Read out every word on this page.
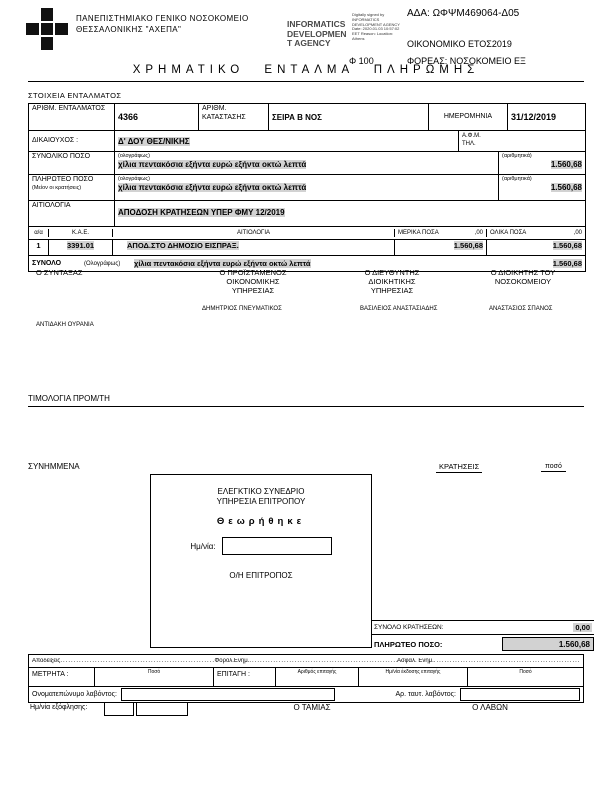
ΠΑΝΕΠΙΣΤΗΜΙΑΚΟ ΓΕΝΙΚΟ ΝΟΣΟΚΟΜΕΙΟ
ΘΕΣΣΑΛΟΝΙΚΗΣ "ΑΧΕΠΑ"
INFORMATICS DEVELOPMEN T AGENCY
Digitally signed by INFORMATICS DEVELOPMENT AGENCY Date: 2020.01.03 10:57:02 EET Reason: Location: Athens
ΑΔΑ: ΩΦΨΜ469064-Δ05
ΟΙΚΟΝΟΜΙΚΟ ΕΤΟΣ2019
Φ 100	ΦΟΡΕΑΣ: ΝΟΣΟΚΟΜΕΙΟ ΕΞ
ΧΡΗΜΑΤΙΚΟ ΕΝΤΑΛΜΑ ΠΛΗΡΩΜΗΣ
ΣΤΟΙΧΕΙΑ ΕΝΤΑΛΜΑΤΟΣ
ΑΡΙΘΜ. ΕΝΤΑΛΜΑΤΟΣ
4366
ΑΡΙΘΜ. ΚΑΤΑΣΤΑΣΗΣ	ΣΕΙΡΑ Β ΝΟΣ	ΗΜΕΡΟΜΗΝΙΑ	31/12/2019
ΔΙΚΑΙΟΥΧΟΣ :	Δ' ΔΟΥ ΘΕΣ/ΝΙΚΗΣ
Α.Φ.Μ.
ΤΗΛ.
ΣΥΝΟΛΙΚΟ ΠΟΣΟ	(ολογράφως)
χίλια πεντακόσια εξήντα ευρώ εξήντα οκτώ λεπτά
(αριθμητικά)
1.560,68
ΠΛΗΡΩΤΕΟ ΠΟΣΟ
(Μείον οι κρατήσεις)
(ολογράφως)
χίλια πεντακόσια εξήντα ευρώ εξήντα οκτώ λεπτά
(αριθμητικά)
1.560,68
ΑΙΤΙΟΛΟΓΙΑ
ΑΠΟΔΟΣΗ ΚΡΑΤΗΣΕΩΝ ΥΠΕΡ ΦΜΥ 12/2019
α/α	Κ.Α.Ε.	ΑΙΤΙΟΛΟΓΙΑ	ΜΕΡΙΚΑ ΠΟΣΑ	,00 ΟΛΙΚΑ ΠΟΣΑ	,00
1	3391.01	ΑΠΟΔ.ΣΤΟ ΔΗΜΟΣΙΟ ΕΙΣΠΡΑΞ.	1.560,68	1.560,68
ΣΥΝΟΛΟ	(Ολογράφως)	χίλια πεντακόσια εξήντα ευρώ εξήντα οκτώ λεπτά	1.560,68
Ο ΣΥΝΤΑΞΑΣ	Ο ΠΡΟΪΣΤΑΜΕΝΟΣ ΟΙΚΟΝΟΜΙΚΗΣ ΥΠΗΡΕΣΙΑΣ
Ο ΔΙΕΥΘΥΝΤΗΣ ΔΙΟΙΚΗΤΙΚΗΣ ΥΠΗΡΕΣΙΑΣ
Ο ΔΙΟΙΚΗΤΗΣ ΤΟΥ ΝΟΣΟΚΟΜΕΙΟΥ
ΔΗΜΗΤΡΙΟΣ ΠΝΕΥΜΑΤΙΚΟΣ	ΒΑΣΙΛΕΙΟΣ ΑΝΑΣΤΑΣΙΑΔΗΣ	ΑΝΑΣΤΑΣΙΟΣ ΣΠΑΝΟΣ
ΑΝΤΙΔΑΚΗ ΟΥΡΑΝΙΑ
ΤΙΜΟΛΟΓΙΑ ΠΡΟΜ/ΤΗ
ΣΥΝΗΜΜΕΝΑ	ΚΡΑΤΗΣΕΙΣ	ποσό
ΕΛΕΓΚΤΙΚΟ ΣΥΝΕΔΡΙΟ
ΥΠΗΡΕΣΙΑ ΕΠΙΤΡΟΠΟΥ
Θεωρήθηκε
Ημ/νία:
Ο/Η ΕΠΙΤΡΟΠΟΣ
ΣΥΝΟΛΟ ΚΡΑΤΗΣΕΩΝ:	0,00
ΠΛΗΡΩΤΕΟ ΠΟΣΟ:	1.560,68
Αποδείξεις .....	Φορολ.Ενημ. .....	Ασφαλ. Ενημ.
.....
ΜΕΤΡΗΤΑ :	Ποσό	ΕΠΙΤΑΓΗ :	Αριθμός επιταγής	Ημ/νία έκδοσης επιταγής	Ποσό
Ονοματεπώνυμο λαβόντος:	Αρ. ταυτ. λαβόντος:
Ημ/νία εξόφλησης:	Ο ΤΑΜΙΑΣ	Ο ΛΑΒΩΝ
